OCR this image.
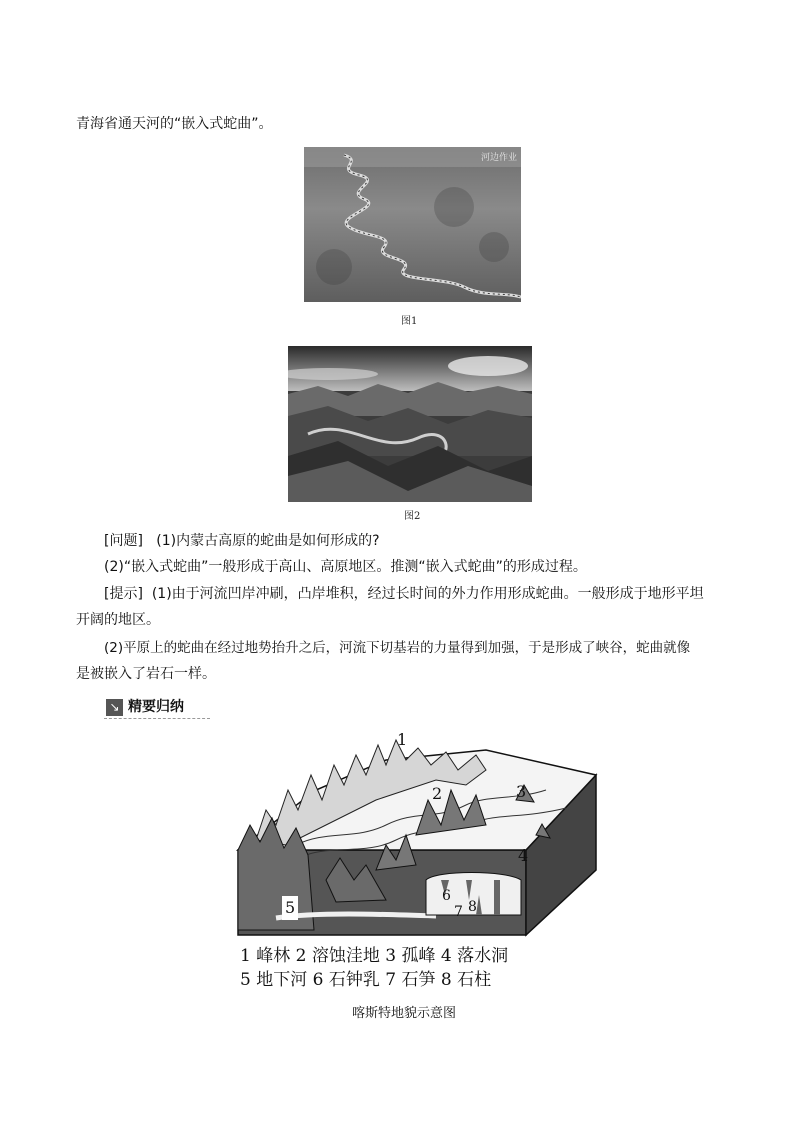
青海省通天河的“嵌入式蛇曲”。
河边作业
图1
图2
[问题] (1)内蒙古高原的蛇曲是如何形成的?
(2)“嵌入式蛇曲”一般形成于高山、高原地区。推测“嵌入式蛇曲”的形成过程。
[提示] (1)由于河流凹岸冲刷，凸岸堆积，经过长时间的外力作用形成蛇曲。一般形成于地形平坦
开阔的地区。
(2)平原上的蛇曲在经过地势抬升之后，河流下切基岩的力量得到加强，于是形成了峡谷，蛇曲就像
是被嵌入了岩石一样。
↘ 精要归纳
1
2	3
4
5
6
7 8
1 峰林 2 溶蚀洼地 3 孤峰 4 落水洞
5 地下河 6 石钟乳 7 石笋 8 石柱
喀斯特地貌示意图
